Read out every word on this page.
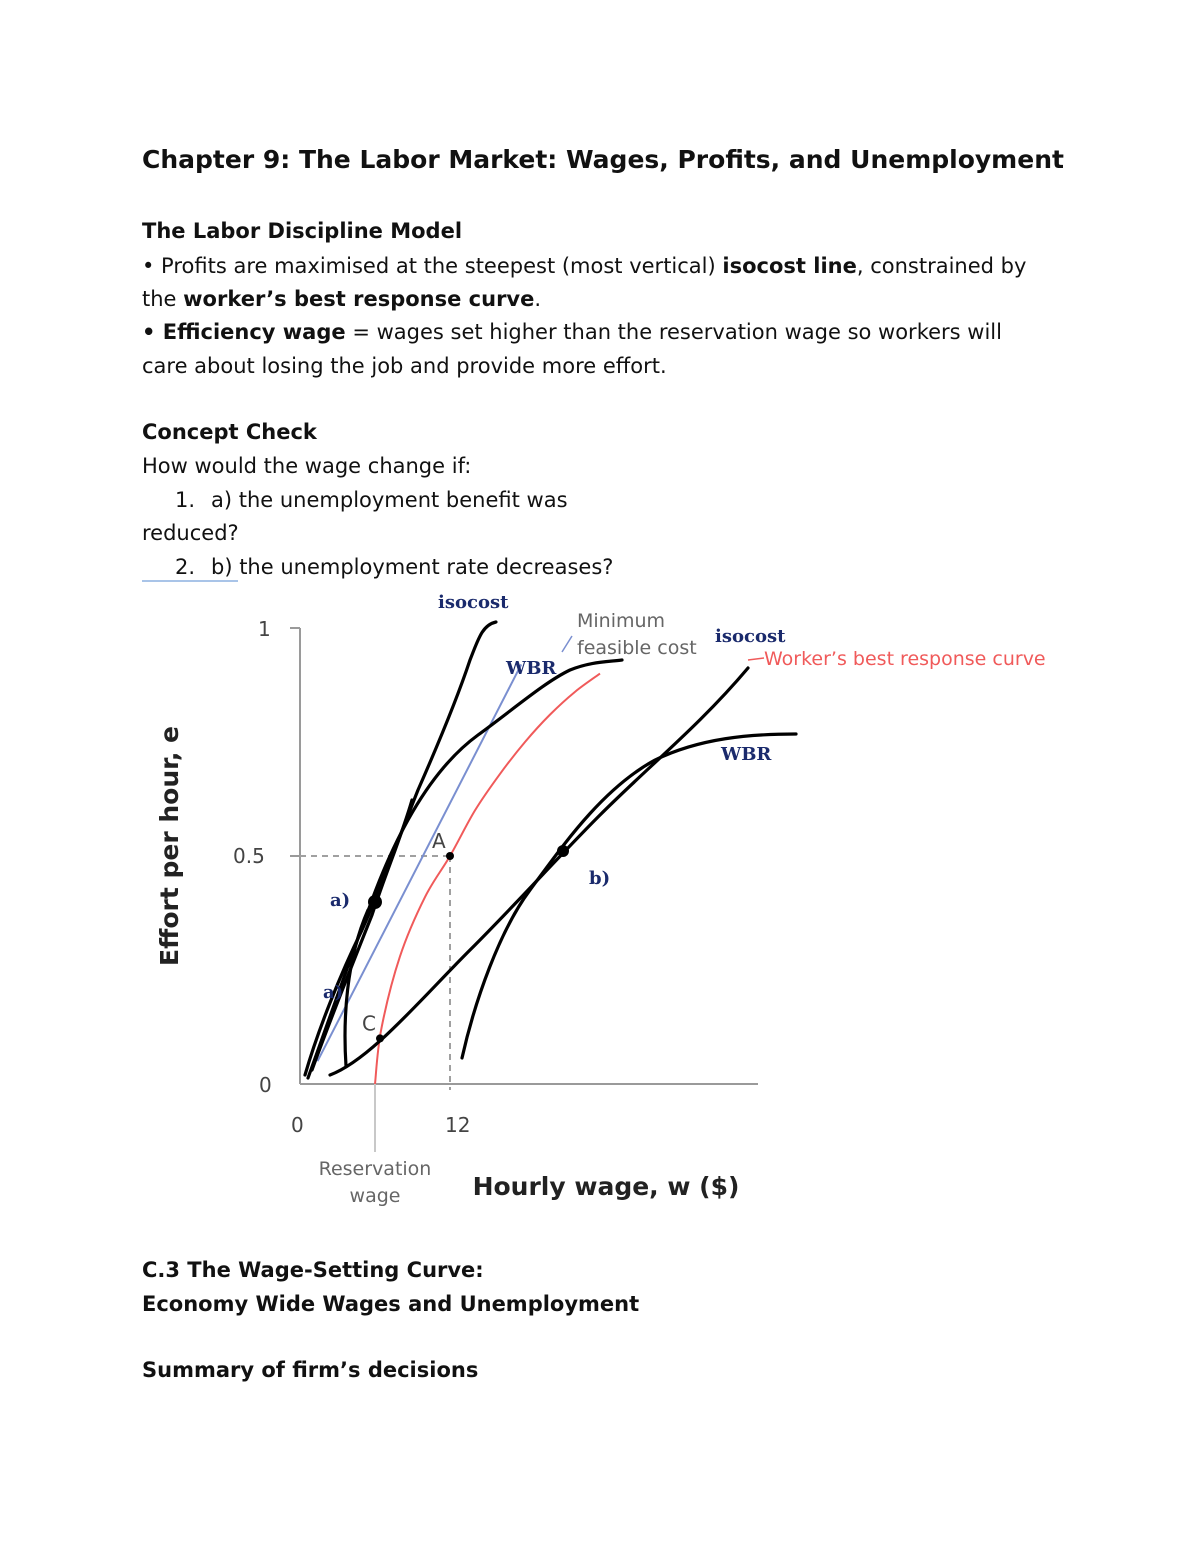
Chapter 9: The Labor Market: Wages, Profits, and Unemployment
The Labor Discipline Model
• Profits are maximised at the steepest (most vertical) isocost line, constrained by
the worker’s best response curve.
• Efficiency wage = wages set higher than the reservation wage so workers will
care about losing the job and provide more effort.
Concept Check
How would the wage change if:
1. a) the unemployment benefit was
reduced?
2. b) the unemployment rate decreases?
1
0.5
0
0	12
A
C
Minimum
feasible cost	Worker’s best response curve
Reservation
wage	Hourly wage, w ($)
Effort per hour, e
isocost
isocost
WBR
WBR
a)
a)
b)
C.3 The Wage-Setting Curve:
Economy Wide Wages and Unemployment
Summary of firm’s decisions
